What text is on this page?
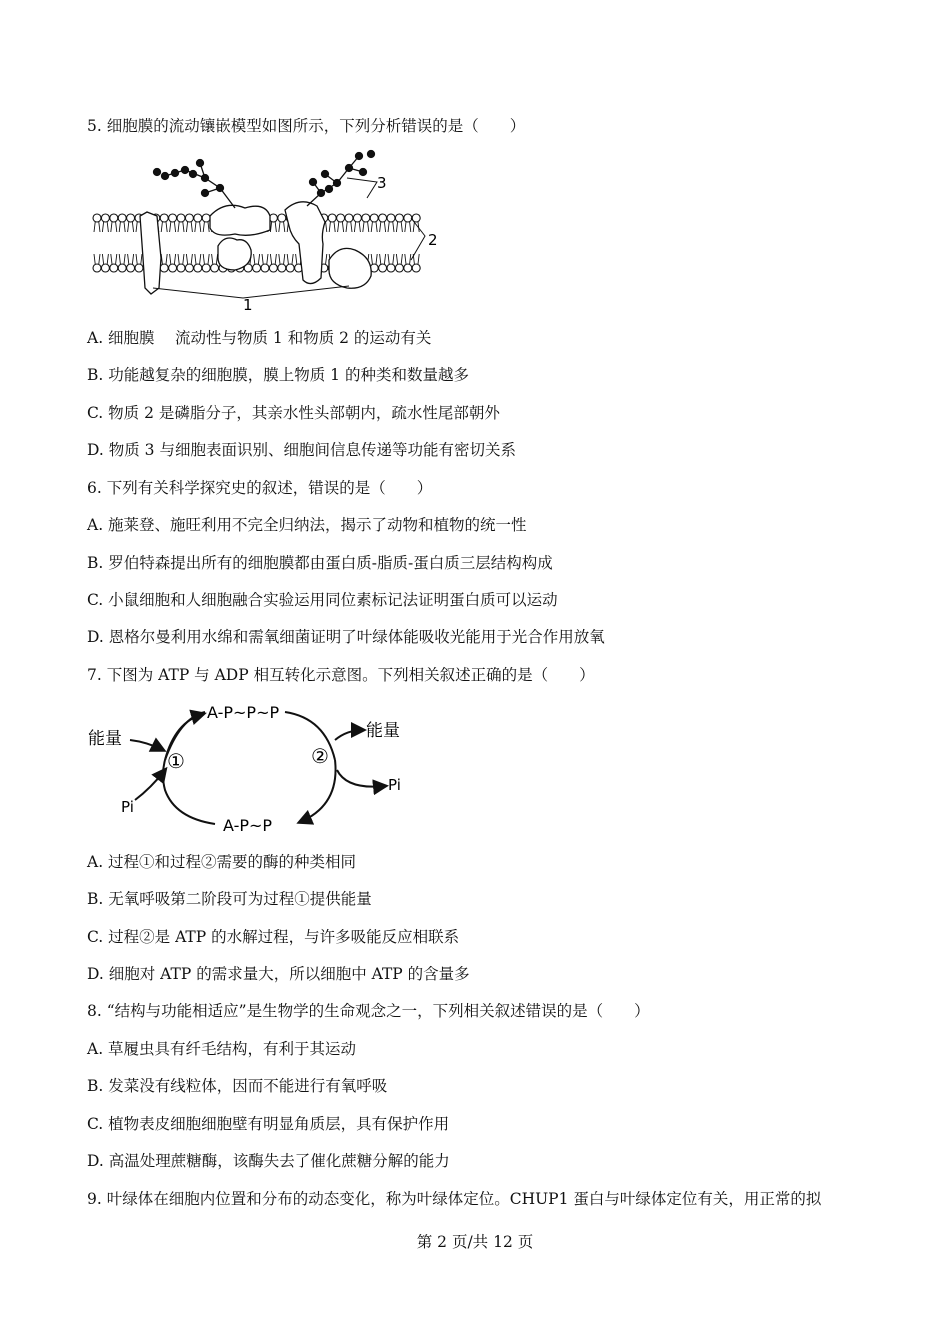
5. 细胞膜的流动镶嵌模型如图所示，下列分析错误的是（　　）
3
2
1
A. 细胞膜　 流动性与物质 1 和物质 2 的运动有关
B. 功能越复杂的细胞膜，膜上物质 1 的种类和数量越多
C. 物质 2 是磷脂分子，其亲水性头部朝内，疏水性尾部朝外
D. 物质 3 与细胞表面识别、细胞间信息传递等功能有密切关系
6. 下列有关科学探究史的叙述，错误的是（　　）
A. 施莱登、施旺利用不完全归纳法，揭示了动物和植物的统一性
B. 罗伯特森提出所有的细胞膜都由蛋白质-脂质-蛋白质三层结构构成
C. 小鼠细胞和人细胞融合实验运用同位素标记法证明蛋白质可以运动
D. 恩格尔曼利用水绵和需氧细菌证明了叶绿体能吸收光能用于光合作用放氧
7. 下图为 ATP 与 ADP 相互转化示意图。下列相关叙述正确的是（　　）
A-P~P~P
A-P~P
能量	能量
Pi
Pi
①	②
A. 过程①和过程②需要的酶的种类相同
B. 无氧呼吸第二阶段可为过程①提供能量
C. 过程②是 ATP 的水解过程，与许多吸能反应相联系
D. 细胞对 ATP 的需求量大，所以细胞中 ATP 的含量多
8. “结构与功能相适应”是生物学的生命观念之一，下列相关叙述错误的是（　　）
A. 草履虫具有纤毛结构，有利于其运动
B. 发菜没有线粒体，因而不能进行有氧呼吸
C. 植物表皮细胞细胞壁有明显角质层，具有保护作用
D. 高温处理蔗糖酶，该酶失去了催化蔗糖分解的能力
9. 叶绿体在细胞内位置和分布的动态变化，称为叶绿体定位。CHUP1 蛋白与叶绿体定位有关，用正常的拟
第 2 页/共 12 页
